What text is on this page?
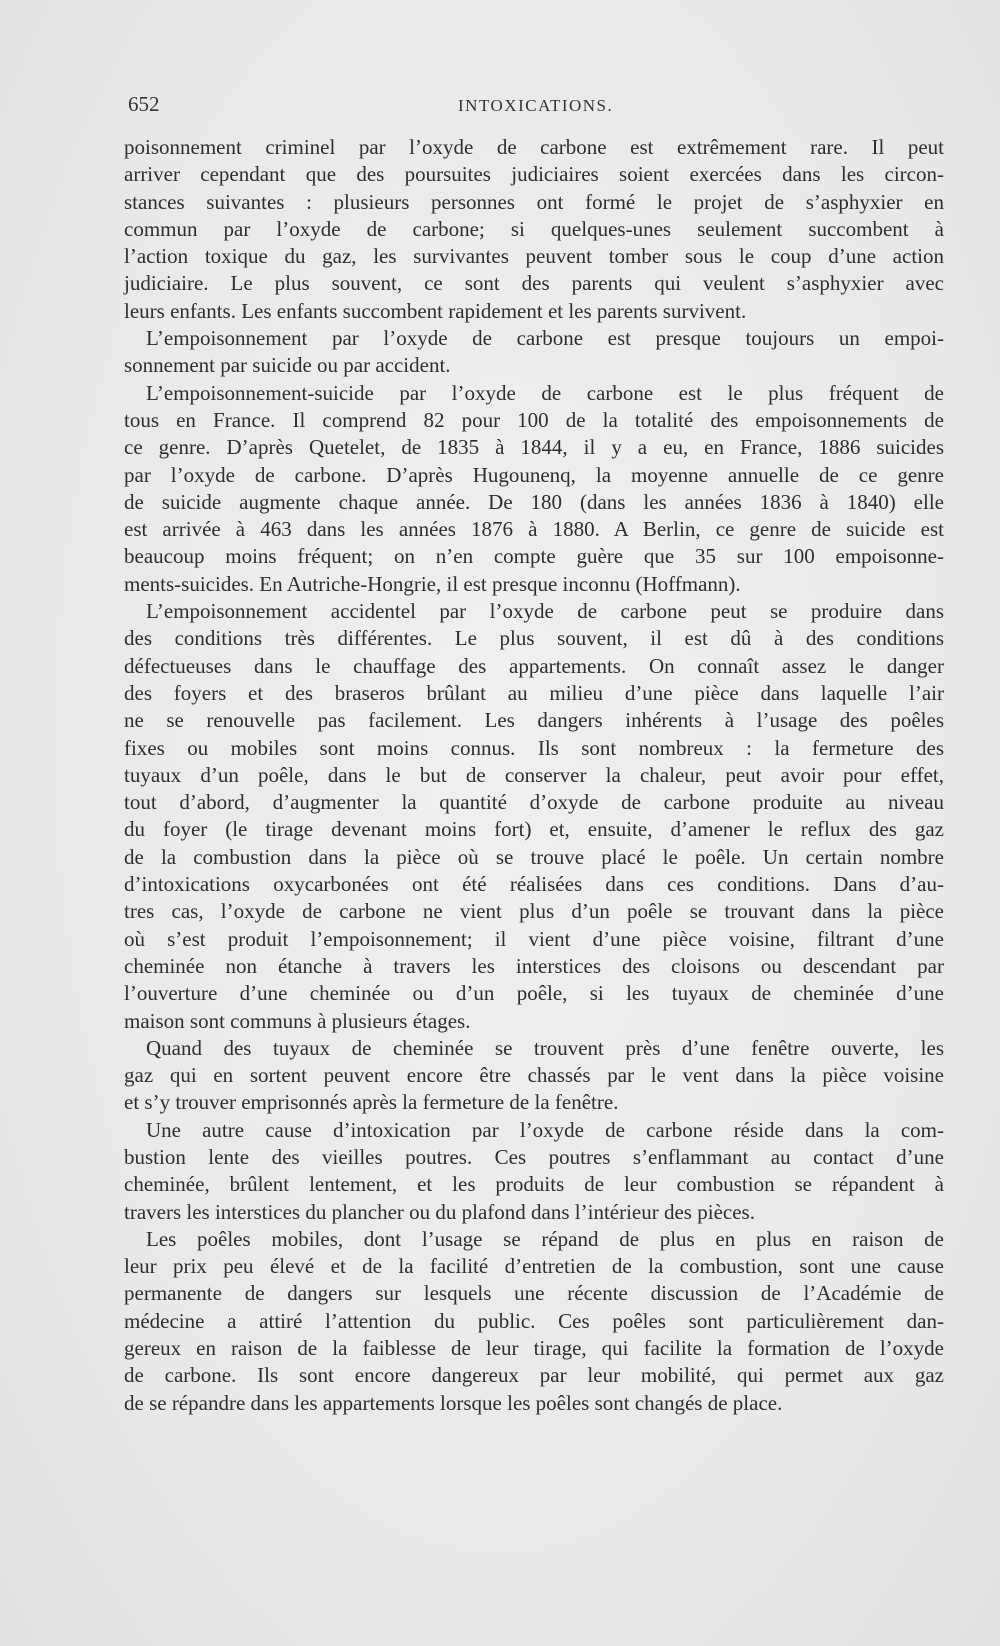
652	INTOXICATIONS.
poisonnement criminel par l’oxyde de carbone est extrêmement rare. Il peut
arriver cependant que des poursuites judiciaires soient exercées dans les circon-
stances suivantes : plusieurs personnes ont formé le projet de s’asphyxier en
commun par l’oxyde de carbone; si quelques-unes seulement succombent à
l’action toxique du gaz, les survivantes peuvent tomber sous le coup d’une action
judiciaire. Le plus souvent, ce sont des parents qui veulent s’asphyxier avec
leurs enfants. Les enfants succombent rapidement et les parents survivent.
L’empoisonnement par l’oxyde de carbone est presque toujours un empoi-
sonnement par suicide ou par accident.
L’empoisonnement-suicide par l’oxyde de carbone est le plus fréquent de
tous en France. Il comprend 82 pour 100 de la totalité des empoisonnements de
ce genre. D’après Quetelet, de 1835 à 1844, il y a eu, en France, 1886 suicides
par l’oxyde de carbone. D’après Hugounenq, la moyenne annuelle de ce genre
de suicide augmente chaque année. De 180 (dans les années 1836 à 1840) elle
est arrivée à 463 dans les années 1876 à 1880. A Berlin, ce genre de suicide est
beaucoup moins fréquent; on n’en compte guère que 35 sur 100 empoisonne-
ments-suicides. En Autriche-Hongrie, il est presque inconnu (Hoffmann).
L’empoisonnement accidentel par l’oxyde de carbone peut se produire dans
des conditions très différentes. Le plus souvent, il est dû à des conditions
défectueuses dans le chauffage des appartements. On connaît assez le danger
des foyers et des braseros brûlant au milieu d’une pièce dans laquelle l’air
ne se renouvelle pas facilement. Les dangers inhérents à l’usage des poêles
fixes ou mobiles sont moins connus. Ils sont nombreux : la fermeture des
tuyaux d’un poêle, dans le but de conserver la chaleur, peut avoir pour effet,
tout d’abord, d’augmenter la quantité d’oxyde de carbone produite au niveau
du foyer (le tirage devenant moins fort) et, ensuite, d’amener le reflux des gaz
de la combustion dans la pièce où se trouve placé le poêle. Un certain nombre
d’intoxications oxycarbonées ont été réalisées dans ces conditions. Dans d’au-
tres cas, l’oxyde de carbone ne vient plus d’un poêle se trouvant dans la pièce
où s’est produit l’empoisonnement; il vient d’une pièce voisine, filtrant d’une
cheminée non étanche à travers les interstices des cloisons ou descendant par
l’ouverture d’une cheminée ou d’un poêle, si les tuyaux de cheminée d’une
maison sont communs à plusieurs étages.
Quand des tuyaux de cheminée se trouvent près d’une fenêtre ouverte, les
gaz qui en sortent peuvent encore être chassés par le vent dans la pièce voisine
et s’y trouver emprisonnés après la fermeture de la fenêtre.
Une autre cause d’intoxication par l’oxyde de carbone réside dans la com-
bustion lente des vieilles poutres. Ces poutres s’enflammant au contact d’une
cheminée, brûlent lentement, et les produits de leur combustion se répandent à
travers les interstices du plancher ou du plafond dans l’intérieur des pièces.
Les poêles mobiles, dont l’usage se répand de plus en plus en raison de
leur prix peu élevé et de la facilité d’entretien de la combustion, sont une cause
permanente de dangers sur lesquels une récente discussion de l’Académie de
médecine a attiré l’attention du public. Ces poêles sont particulièrement dan-
gereux en raison de la faiblesse de leur tirage, qui facilite la formation de l’oxyde
de carbone. Ils sont encore dangereux par leur mobilité, qui permet aux gaz
de se répandre dans les appartements lorsque les poêles sont changés de place.
